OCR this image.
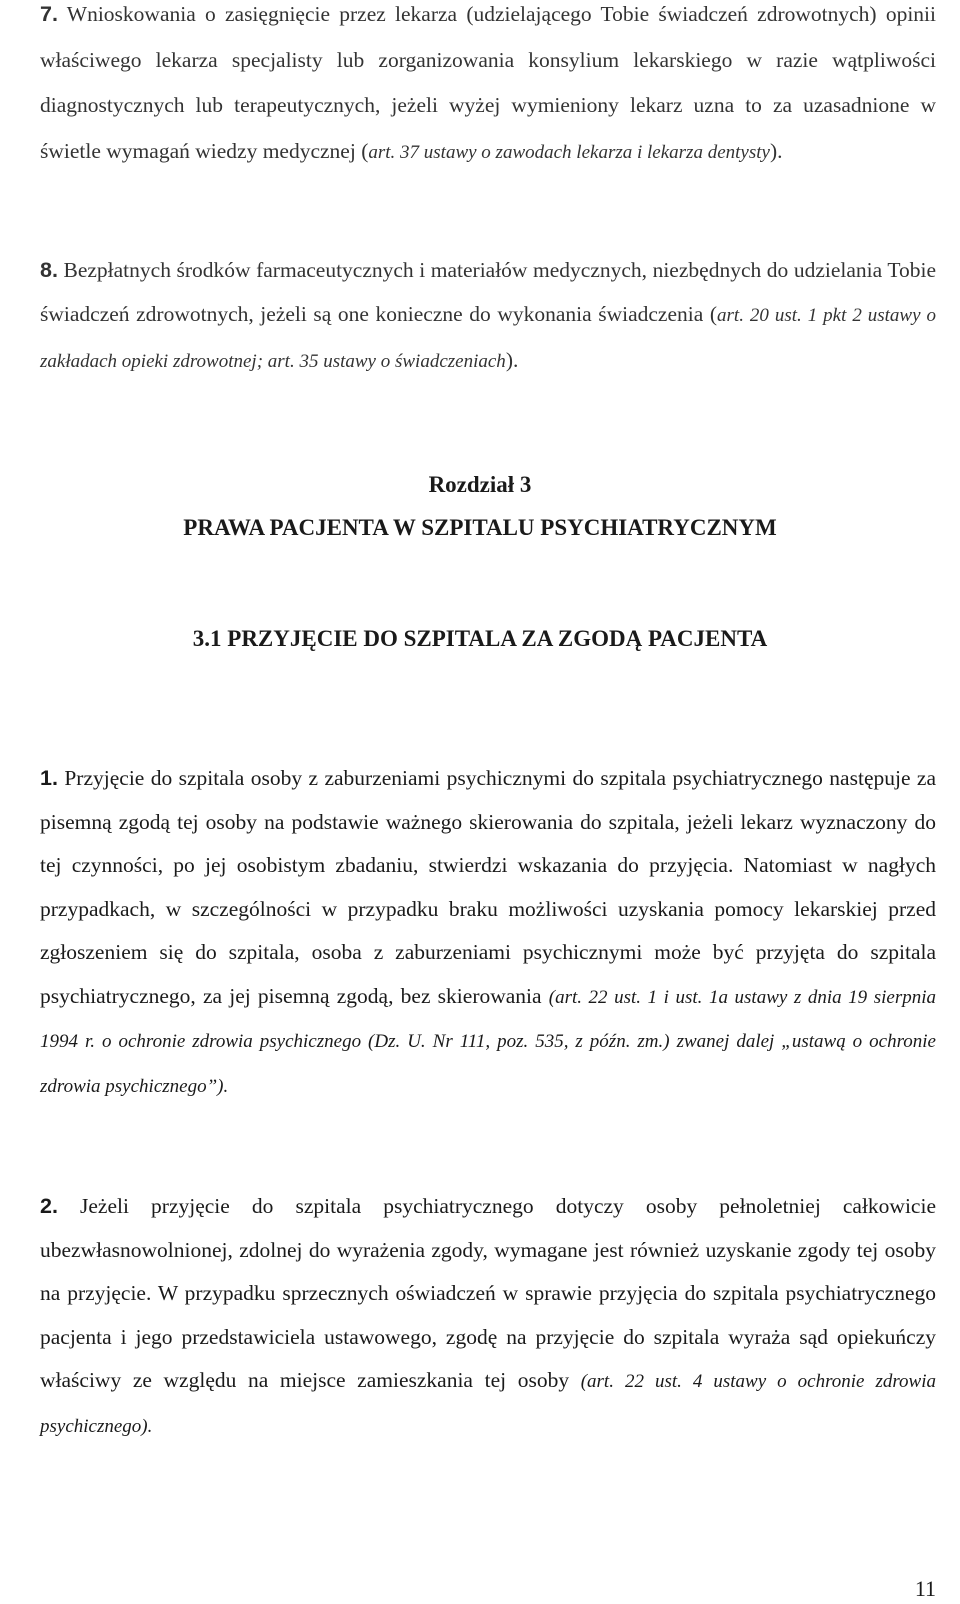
7. Wnioskowania o zasięgnięcie przez lekarza (udzielającego Tobie świadczeń zdrowotnych) opinii właściwego lekarza specjalisty lub zorganizowania konsylium lekarskiego w razie wątpliwości diagnostycznych lub terapeutycznych, jeżeli wyżej wymieniony lekarz uzna to za uzasadnione w świetle wymagań wiedzy medycznej (art. 37 ustawy o zawodach lekarza i lekarza dentysty).
8. Bezpłatnych środków farmaceutycznych i materiałów medycznych, niezbędnych do udzielania Tobie świadczeń zdrowotnych, jeżeli są one konieczne do wykonania świadczenia (art. 20 ust. 1 pkt 2 ustawy o zakładach opieki zdrowotnej; art. 35 ustawy o świadczeniach).
Rozdział 3
PRAWA PACJENTA W SZPITALU PSYCHIATRYCZNYM
3.1 PRZYJĘCIE DO SZPITALA ZA ZGODĄ PACJENTA
1. Przyjęcie do szpitala osoby z zaburzeniami psychicznymi do szpitala psychiatrycznego następuje za pisemną zgodą tej osoby na podstawie ważnego skierowania do szpitala, jeżeli lekarz wyznaczony do tej czynności, po jej osobistym zbadaniu, stwierdzi wskazania do przyjęcia. Natomiast w nagłych przypadkach, w szczególności w przypadku braku możliwości uzyskania pomocy lekarskiej przed zgłoszeniem się do szpitala, osoba z zaburzeniami psychicznymi może być przyjęta do szpitala psychiatrycznego, za jej pisemną zgodą, bez skierowania (art. 22 ust. 1 i ust. 1a ustawy z dnia 19 sierpnia 1994 r. o ochronie zdrowia psychicznego (Dz. U. Nr 111, poz. 535, z późn. zm.) zwanej dalej „ustawą o ochronie zdrowia psychicznego”).
2. Jeżeli przyjęcie do szpitala psychiatrycznego dotyczy osoby pełnoletniej całkowicie ubezwłasnowolnionej, zdolnej do wyrażenia zgody, wymagane jest również uzyskanie zgody tej osoby na przyjęcie. W przypadku sprzecznych oświadczeń w sprawie przyjęcia do szpitala psychiatrycznego pacjenta i jego przedstawiciela ustawowego, zgodę na przyjęcie do szpitala wyraża sąd opiekuńczy właściwy ze względu na miejsce zamieszkania tej osoby (art. 22 ust. 4 ustawy o ochronie zdrowia psychicznego).
11
